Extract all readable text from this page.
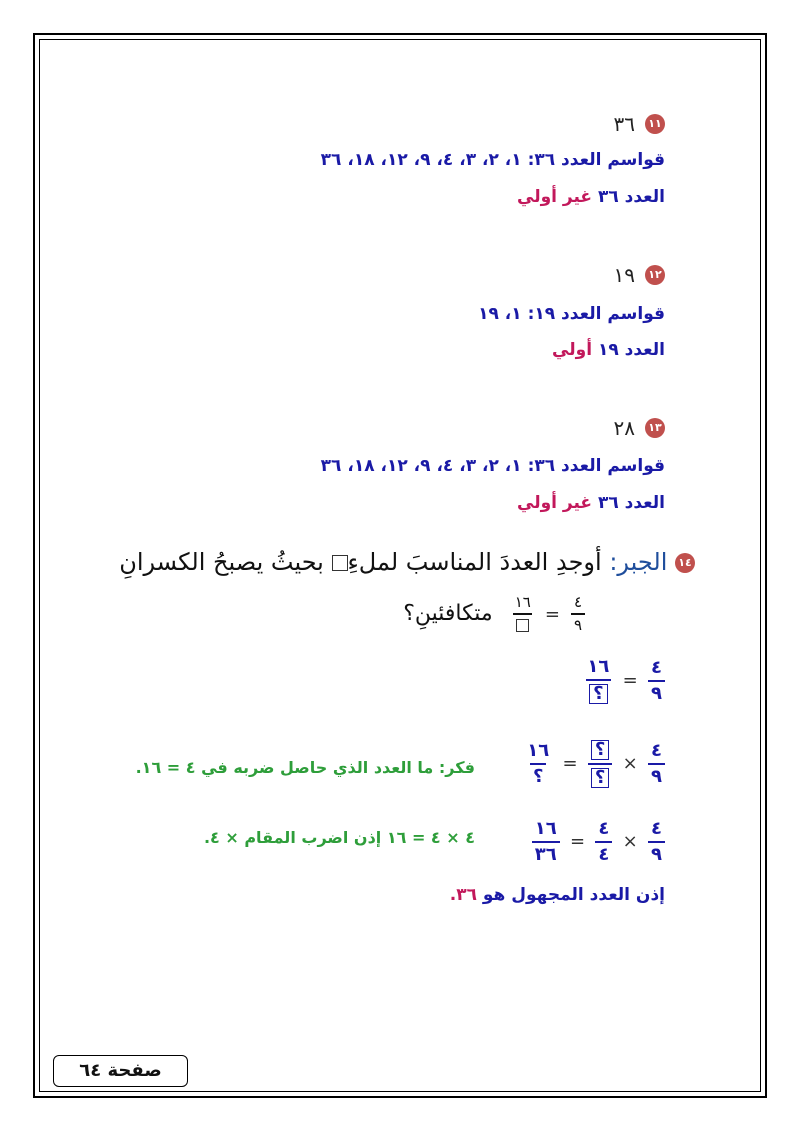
١١٣٦
قواسم العدد ٣٦: ١، ٢، ٣، ٤، ٩، ١٢، ١٨، ٣٦
العدد ٣٦ غير أولي
١٢١٩
قواسم العدد ١٩: ١، ١٩
العدد ١٩ أولي
١٣٢٨
قواسم العدد ٣٦: ١، ٢، ٣، ٤، ٩، ١٢، ١٨، ٣٦
العدد ٣٦ غير أولي
١٤ الجبر: أوجدِ العددَ المناسبَ لملءِ بحيثُ يصبحُ الكسرانِ
$\frac{٤}{٩}$
=
١٦
متكافئينِ؟
$\frac{٤}{٩}$
=
$\frac{١٦}{؟}$
$\frac{٤}{٩}$
×
$\frac{؟}{؟}$
=
$\frac{١٦}{؟}$
فكر: ما العدد الذي حاصل ضربه في ٤ = ١٦.
$\frac{٤}{٩}$
×
$\frac{٤}{٤}$
=
$\frac{١٦}{٣٦}$
٤ × ٤ = ١٦ إذن اضرب المقام × ٤.
إذن العدد المجهول هو ٣٦.
صفحة ٦٤
